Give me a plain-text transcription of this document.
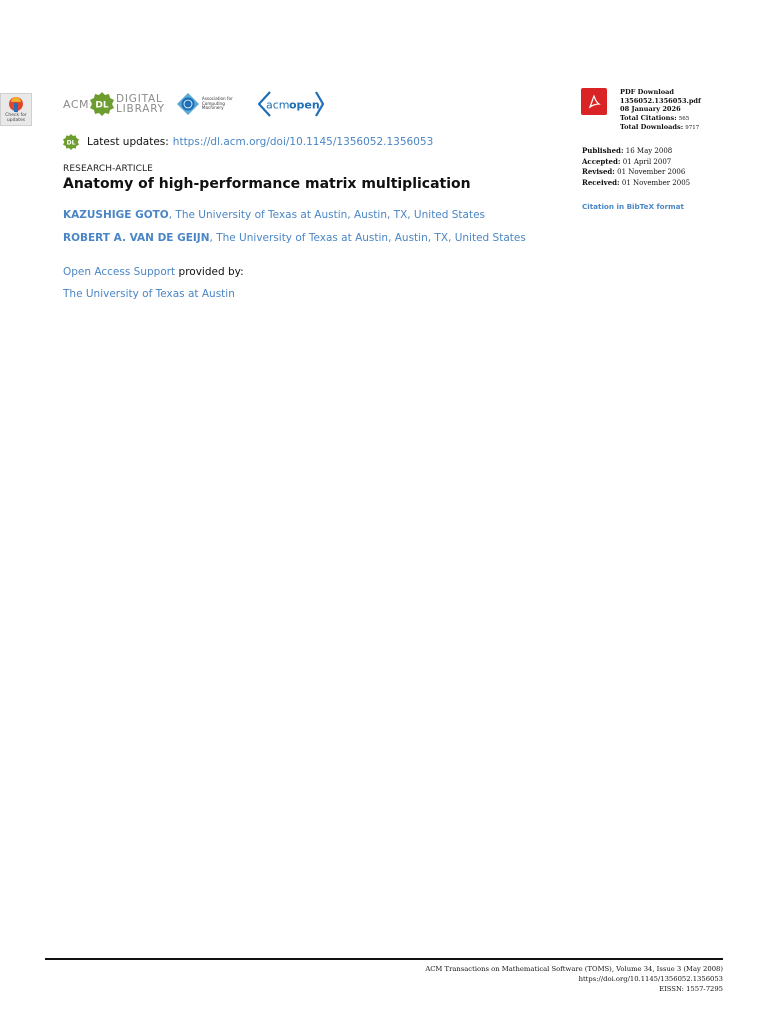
Check for updates
ACM DL
DIGITAL
LIBRARY
Association for Computing Machinery	acm open
DL Latest updates: https://dl.acm.org/doi/10.1145/1356052.1356053
RESEARCH-ARTICLE
Anatomy of high-performance matrix multiplication
KAZUSHIGE GOTO, The University of Texas at Austin, Austin, TX, United States
ROBERT A. VAN DE GEIJN, The University of Texas at Austin, Austin, TX, United States
Open Access Support provided by:
The University of Texas at Austin
PDF Download
1356052.1356053.pdf
08 January 2026
Total Citations: 565
Total Downloads: 9717
Published: 16 May 2008
Accepted: 01 April 2007
Revised: 01 November 2006
Received: 01 November 2005
Citation in BibTeX format
ACM Transactions on Mathematical Software (TOMS), Volume 34, Issue 3 (May 2008)
https://doi.org/10.1145/1356052.1356053
EISSN: 1557-7295
